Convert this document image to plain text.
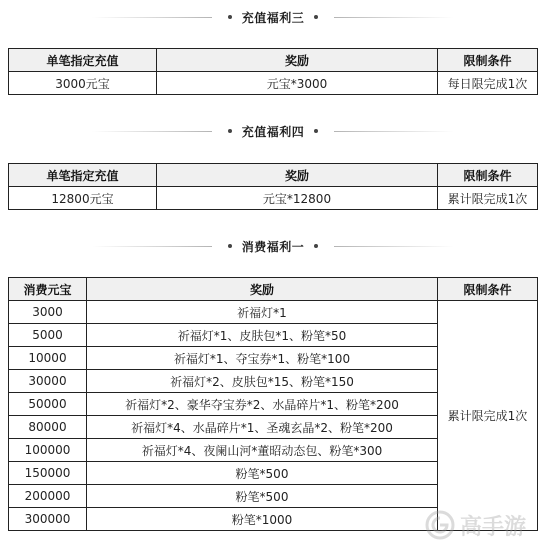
充值福利三
单笔指定充值	奖励	限制条件
3000元宝	元宝*3000	每日限完成1次
充值福利四
单笔指定充值	奖励	限制条件
12800元宝	元宝*12800	累计限完成1次
消费福利一
消费元宝	奖励	限制条件
3000	祈福灯*1	累计限完成1次
5000	祈福灯*1、皮肤包*1、粉笔*50	
10000	祈福灯*1、夺宝券*1、粉笔*100	
30000	祈福灯*2、皮肤包*15、粉笔*150	
50000	祈福灯*2、豪华夺宝券*2、水晶碎片*1、粉笔*200	
80000	祈福灯*4、水晶碎片*1、圣魂玄晶*2、粉笔*200	
100000	祈福灯*4、夜阑山河*董昭动态包、粉笔*300	
150000	粉笔*500	
200000	粉笔*500	
300000	粉笔*1000		高手游
